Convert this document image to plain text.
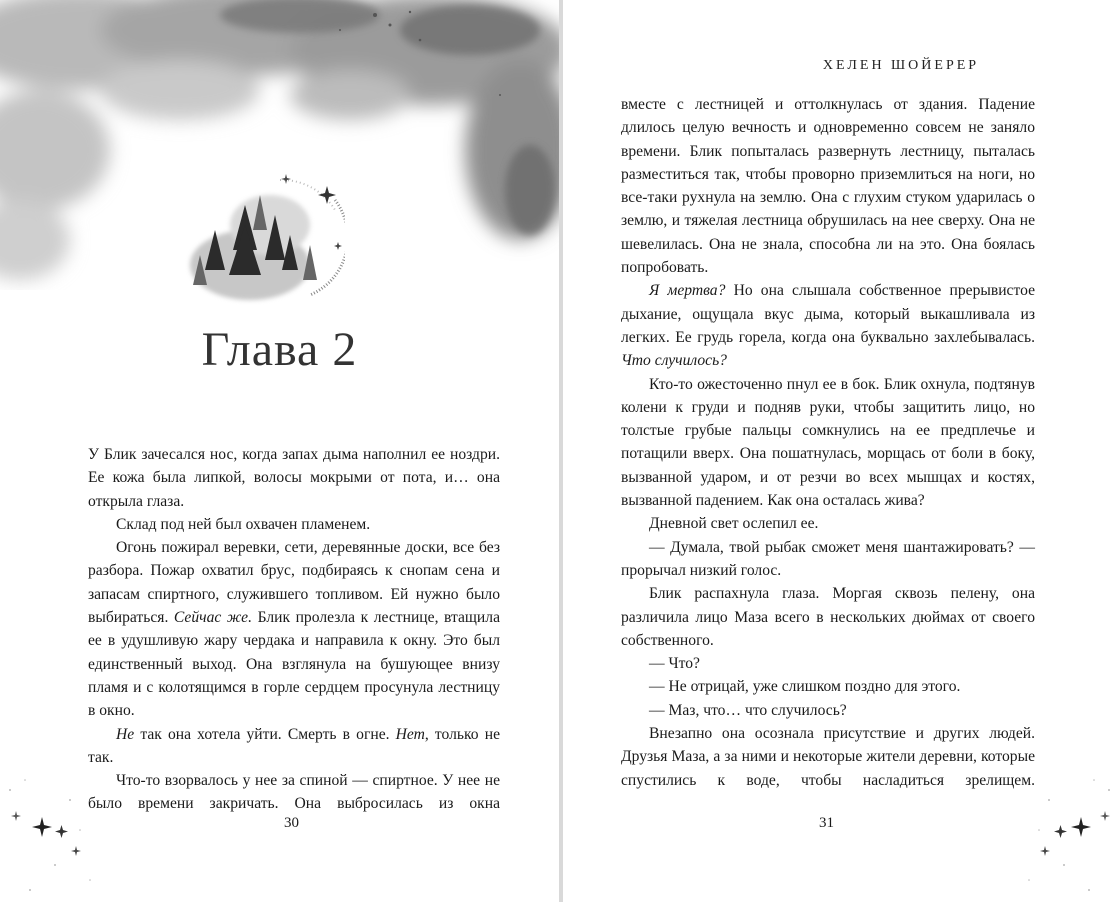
Глава 2

У Блик зачесался нос, когда запах дыма наполнил ее ноздри. Ее кожа была липкой, волосы мокрыми от пота, и… она открыла глаза.

Склад под ней был охвачен пламенем.

Огонь пожирал веревки, сети, деревянные доски, все без разбора. Пожар охватил брус, подбираясь к снопам сена и запасам спиртного, служившего топливом. Ей нужно было выбираться. Сейчас же. Блик пролезла к лестнице, втащила ее в удушливую жару чердака и направила к окну. Это был единственный выход. Она взглянула на бушующее внизу пламя и с колотящимся в горле сердцем просунула лестницу в окно.

Не так она хотела уйти. Смерть в огне. Нет, только не так.

Что-то взорвалось у нее за спиной — спиртное. У нее не было времени закричать. Она выбросилась из окна

30
ХЕЛЕН ШОЙЕРЕР

вместе с лестницей и оттолкнулась от здания. Падение длилось целую вечность и одновременно совсем не заняло времени. Блик попыталась развернуть лестницу, пыталась разместиться так, чтобы проворно приземлиться на ноги, но все-таки рухнула на землю. Она с глухим стуком ударилась о землю, и тяжелая лестница обрушилась на нее сверху. Она не шевелилась. Она не знала, способна ли на это. Она боялась попробовать.

Я мертва? Но она слышала собственное прерывистое дыхание, ощущала вкус дыма, который выкашливала из легких. Ее грудь горела, когда она буквально захлебывалась. Что случилось?

Кто-то ожесточенно пнул ее в бок. Блик охнула, подтянув колени к груди и подняв руки, чтобы защитить лицо, но толстые грубые пальцы сомкнулись на ее предплечье и потащили вверх. Она пошатнулась, морщась от боли в боку, вызванной ударом, и от резчи во всех мышцах и костях, вызванной падением. Как она осталась жива?

Дневной свет ослепил ее.

— Думала, твой рыбак сможет меня шантажировать? — прорычал низкий голос.

Блик распахнула глаза. Моргая сквозь пелену, она различила лицо Маза всего в нескольких дюймах от своего собственного.

— Что?

— Не отрицай, уже слишком поздно для этого.

— Маз, что… что случилось?

Внезапно она осознала присутствие и других людей. Друзья Маза, а за ними и некоторые жители деревни, которые спустились к воде, чтобы насладиться зрелищем.

31
